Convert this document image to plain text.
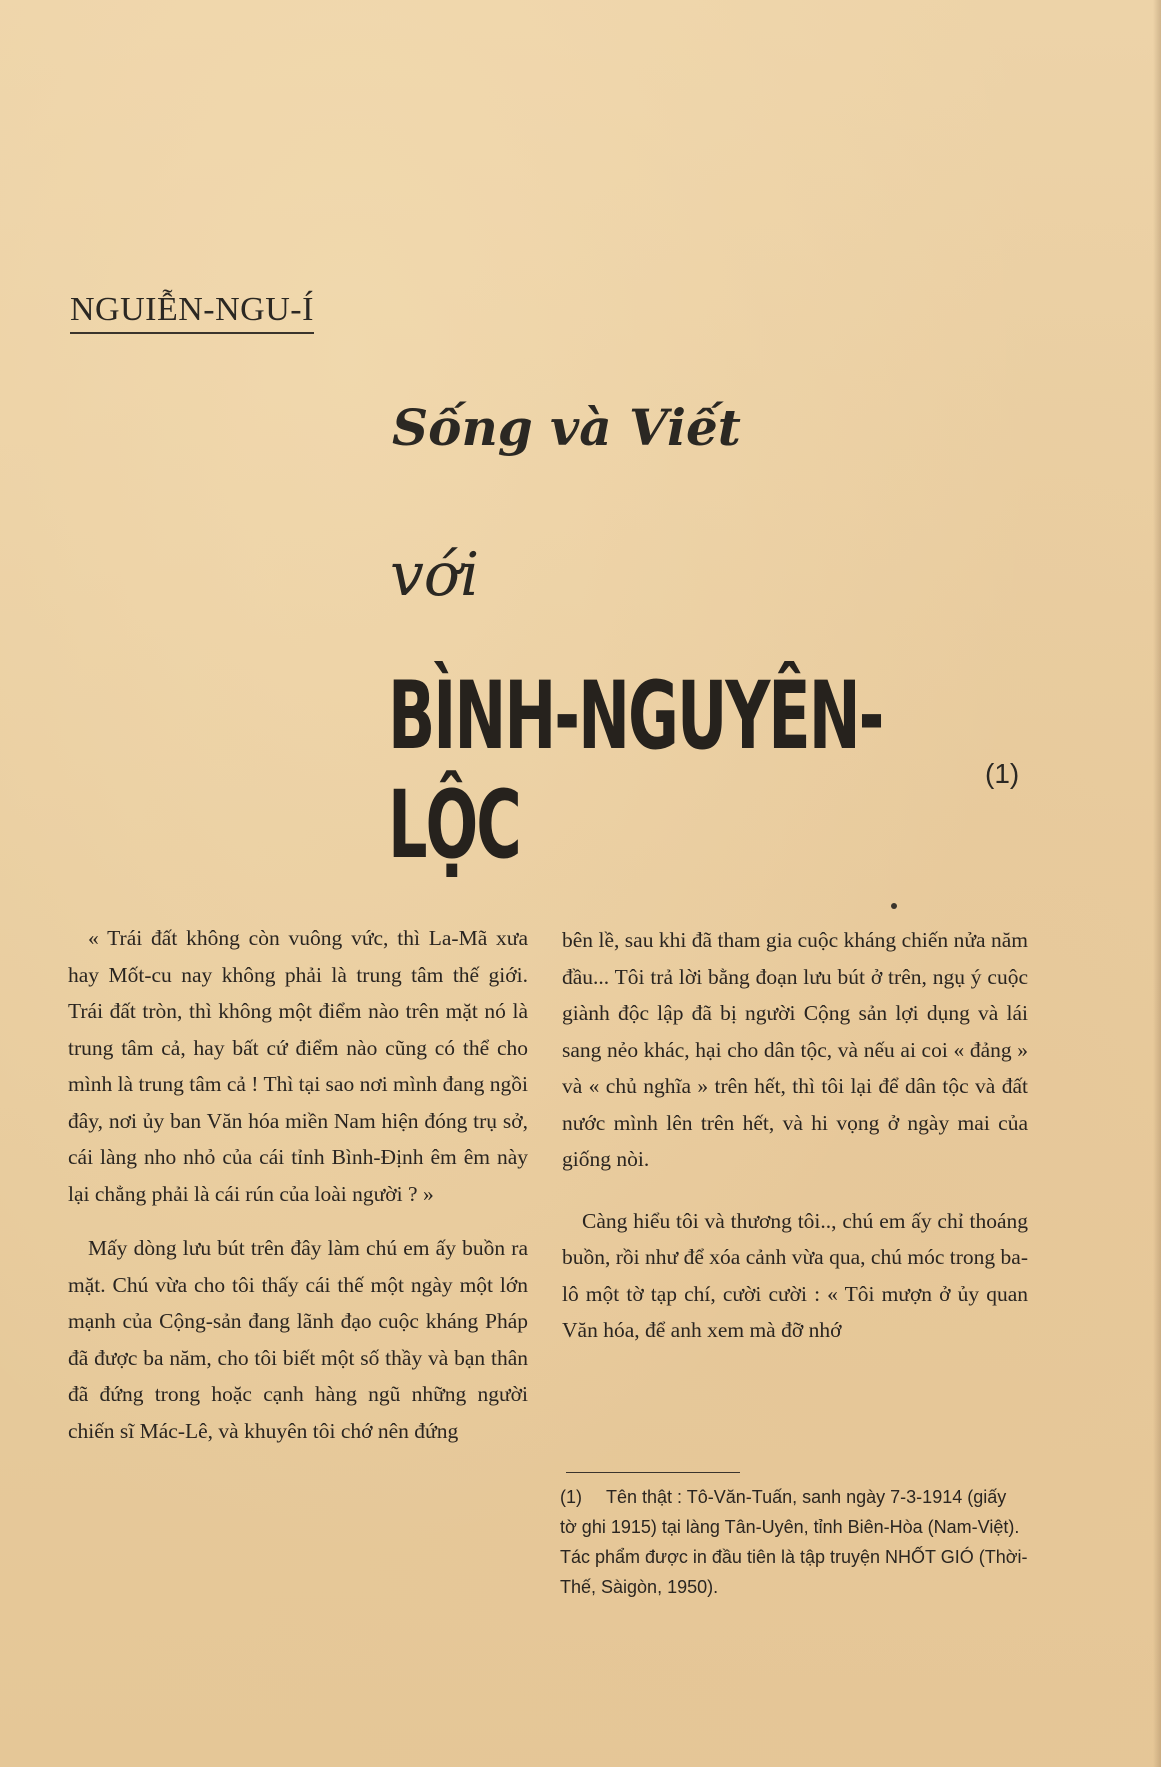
NGUIỄN-NGU-Í
Sống và Viết
với
BÌNH-NGUYÊN-LỘC	(1)

« Trái đất không còn vuông vức, thì La-Mã xưa hay Mốt-cu nay không phải là trung tâm thế giới. Trái đất tròn, thì không một điểm nào trên mặt nó là trung tâm cả, hay bất cứ điểm nào cũng có thể cho mình là trung tâm cả ! Thì tại sao nơi mình đang ngồi đây, nơi ủy ban Văn hóa miền Nam hiện đóng trụ sở, cái làng nho nhỏ của cái tỉnh Bình-Định êm êm này lại chẳng phải là cái rún của loài người ? »

Mấy dòng lưu bút trên đây làm chú em ấy buồn ra mặt. Chú vừa cho tôi thấy cái thế một ngày một lớn mạnh của Cộng-sản đang lãnh đạo cuộc kháng Pháp đã được ba năm, cho tôi biết một số thầy và bạn thân đã đứng trong hoặc cạnh hàng ngũ những người chiến sĩ Mác-Lê, và khuyên tôi chớ nên đứng

bên lề, sau khi đã tham gia cuộc kháng chiến nửa năm đầu... Tôi trả lời bằng đoạn lưu bút ở trên, ngụ ý cuộc giành độc lập đã bị người Cộng sản lợi dụng và lái sang nẻo khác, hại cho dân tộc, và nếu ai coi « đảng » và « chủ nghĩa » trên hết, thì tôi lại để dân tộc và đất nước mình lên trên hết, và hi vọng ở ngày mai của giống nòi.

Càng hiểu tôi và thương tôi.., chú em ấy chỉ thoáng buồn, rồi như để xóa cảnh vừa qua, chú móc trong ba-lô một tờ tạp chí, cười cười : « Tôi mượn ở ủy quan Văn hóa, để anh xem mà đỡ nhớ

(1) Tên thật : Tô-Văn-Tuấn, sanh ngày 7-3-1914 (giấy tờ ghi 1915) tại làng Tân-Uyên, tỉnh Biên-Hòa (Nam-Việt). Tác phẩm được in đầu tiên là tập truyện NHỐT GIÓ (Thời-Thế, Sàigòn, 1950).
